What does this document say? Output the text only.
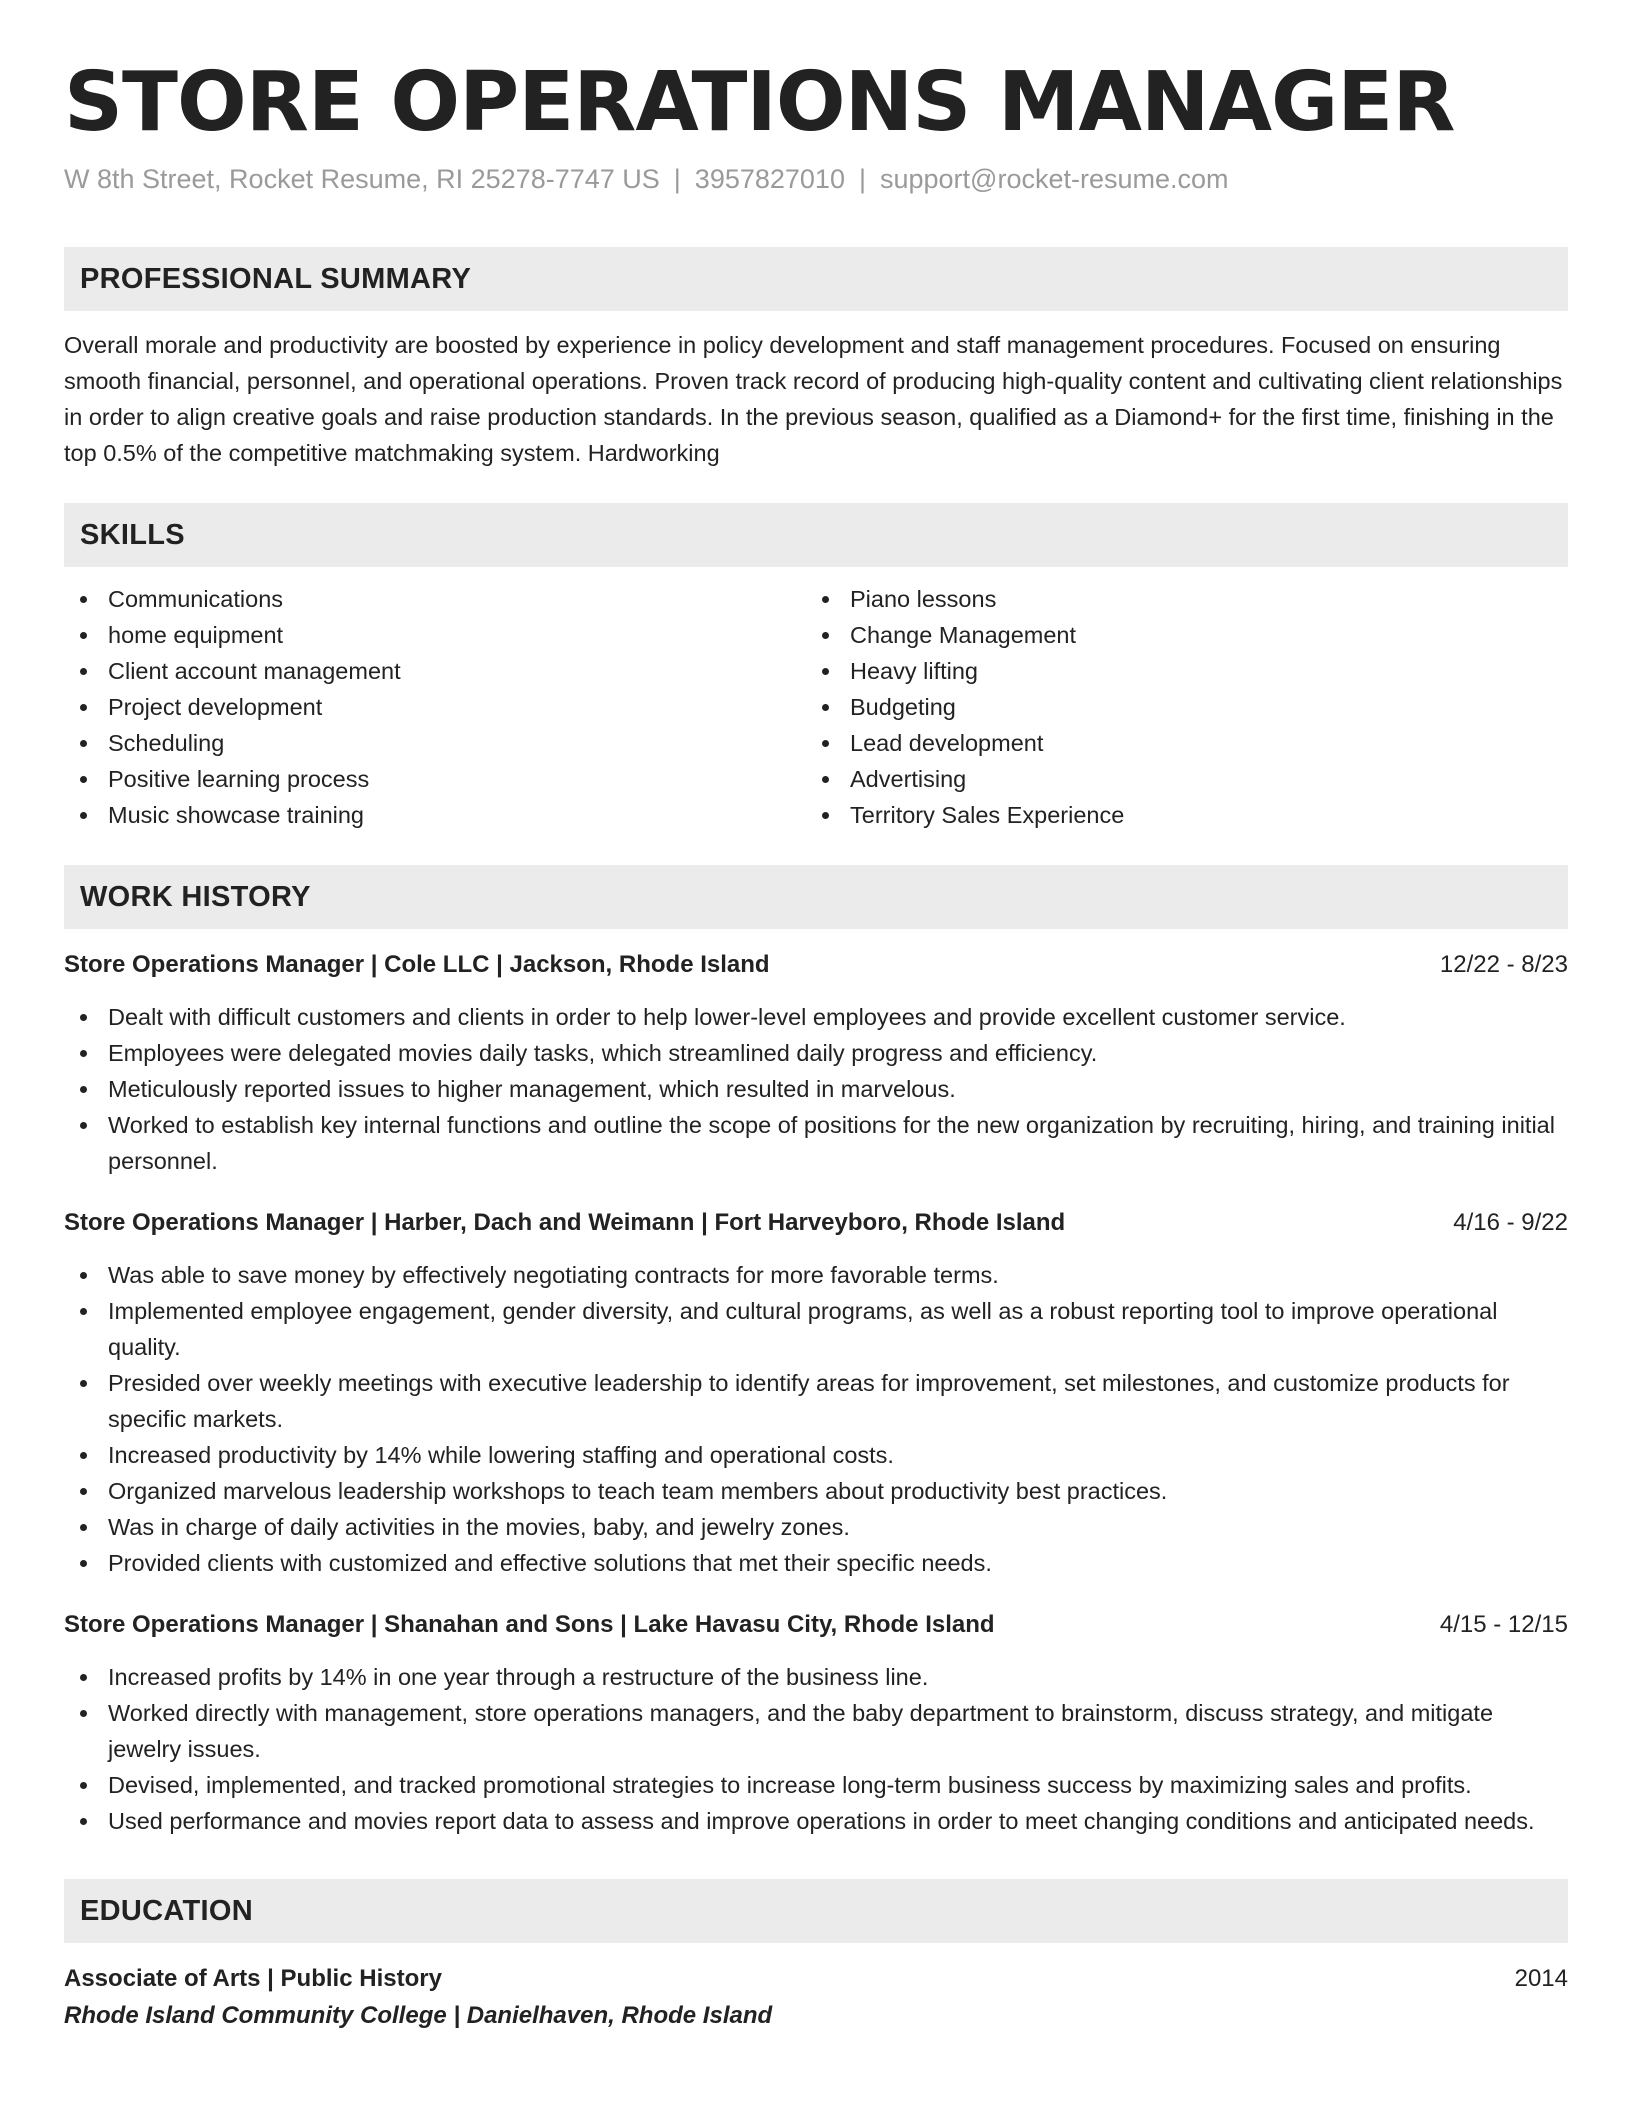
STORE OPERATIONS MANAGER
W 8th Street, Rocket Resume, RI 25278-7747 US | 3957827010 | support@rocket-resume.com
PROFESSIONAL SUMMARY

Overall morale and productivity are boosted by experience in policy development and staff management procedures. Focused on ensuring smooth financial, personnel, and operational operations. Proven track record of producing high-quality content and cultivating client relationships in order to align creative goals and raise production standards. In the previous season, qualified as a Diamond+ for the first time, finishing in the top 0.5% of the competitive matchmaking system. Hardworking

SKILLS
Communications
home equipment
Client account management
Project development
Scheduling
Positive learning process
Music showcase training
Piano lessons
Change Management
Heavy lifting
Budgeting
Lead development
Advertising
Territory Sales Experience
WORK HISTORY
Store Operations Manager | Cole LLC | Jackson, Rhode Island	12/22 - 8/23
Dealt with difficult customers and clients in order to help lower-level employees and provide excellent customer service.
Employees were delegated movies daily tasks, which streamlined daily progress and efficiency.
Meticulously reported issues to higher management, which resulted in marvelous.
Worked to establish key internal functions and outline the scope of positions for the new organization by recruiting, hiring, and training initial personnel.
Store Operations Manager | Harber, Dach and Weimann | Fort Harveyboro, Rhode Island	4/16 - 9/22
Was able to save money by effectively negotiating contracts for more favorable terms.
Implemented employee engagement, gender diversity, and cultural programs, as well as a robust reporting tool to improve operational quality.
Presided over weekly meetings with executive leadership to identify areas for improvement, set milestones, and customize products for specific markets.
Increased productivity by 14% while lowering staffing and operational costs.
Organized marvelous leadership workshops to teach team members about productivity best practices.
Was in charge of daily activities in the movies, baby, and jewelry zones.
Provided clients with customized and effective solutions that met their specific needs.
Store Operations Manager | Shanahan and Sons | Lake Havasu City, Rhode Island	4/15 - 12/15
Increased profits by 14% in one year through a restructure of the business line.
Worked directly with management, store operations managers, and the baby department to brainstorm, discuss strategy, and mitigate jewelry issues.
Devised, implemented, and tracked promotional strategies to increase long-term business success by maximizing sales and profits.
Used performance and movies report data to assess and improve operations in order to meet changing conditions and anticipated needs.
EDUCATION
Associate of Arts | Public History	2014
Rhode Island Community College | Danielhaven, Rhode Island
